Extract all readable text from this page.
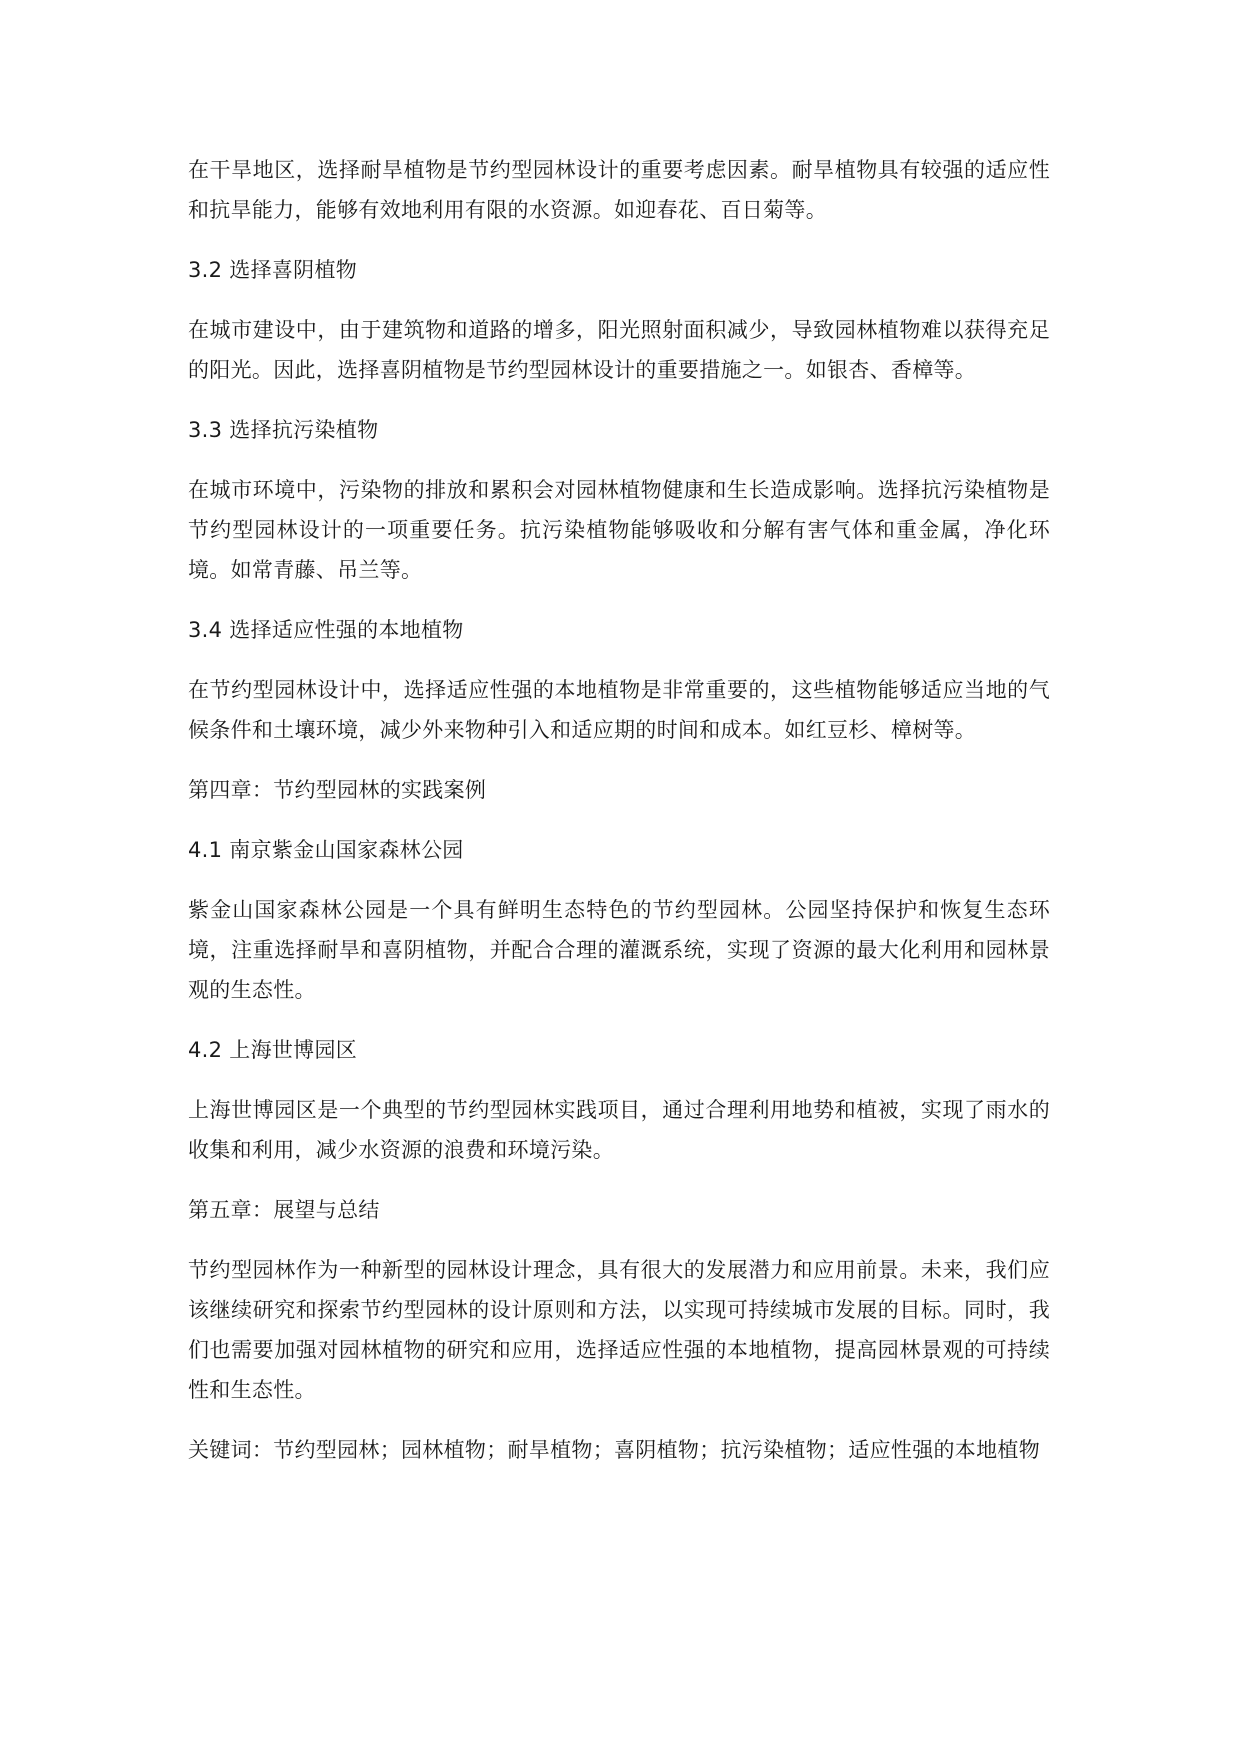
在干旱地区，选择耐旱植物是节约型园林设计的重要考虑因素。耐旱植物具有较强的适应性和抗旱能力，能够有效地利用有限的水资源。如迎春花、百日菊等。

3.2 选择喜阴植物

在城市建设中，由于建筑物和道路的增多，阳光照射面积减少，导致园林植物难以获得充足的阳光。因此，选择喜阴植物是节约型园林设计的重要措施之一。如银杏、香樟等。

3.3 选择抗污染植物

在城市环境中，污染物的排放和累积会对园林植物健康和生长造成影响。选择抗污染植物是节约型园林设计的一项重要任务。抗污染植物能够吸收和分解有害气体和重金属，净化环境。如常青藤、吊兰等。

3.4 选择适应性强的本地植物

在节约型园林设计中，选择适应性强的本地植物是非常重要的，这些植物能够适应当地的气候条件和土壤环境，减少外来物种引入和适应期的时间和成本。如红豆杉、樟树等。

第四章：节约型园林的实践案例

4.1 南京紫金山国家森林公园

紫金山国家森林公园是一个具有鲜明生态特色的节约型园林。公园坚持保护和恢复生态环境，注重选择耐旱和喜阴植物，并配合合理的灌溉系统，实现了资源的最大化利用和园林景观的生态性。

4.2 上海世博园区

上海世博园区是一个典型的节约型园林实践项目，通过合理利用地势和植被，实现了雨水的收集和利用，减少水资源的浪费和环境污染。

第五章：展望与总结

节约型园林作为一种新型的园林设计理念，具有很大的发展潜力和应用前景。未来，我们应该继续研究和探索节约型园林的设计原则和方法，以实现可持续城市发展的目标。同时，我们也需要加强对园林植物的研究和应用，选择适应性强的本地植物，提高园林景观的可持续性和生态性。

关键词：节约型园林；园林植物；耐旱植物；喜阴植物；抗污染植物；适应性强的本地植物
